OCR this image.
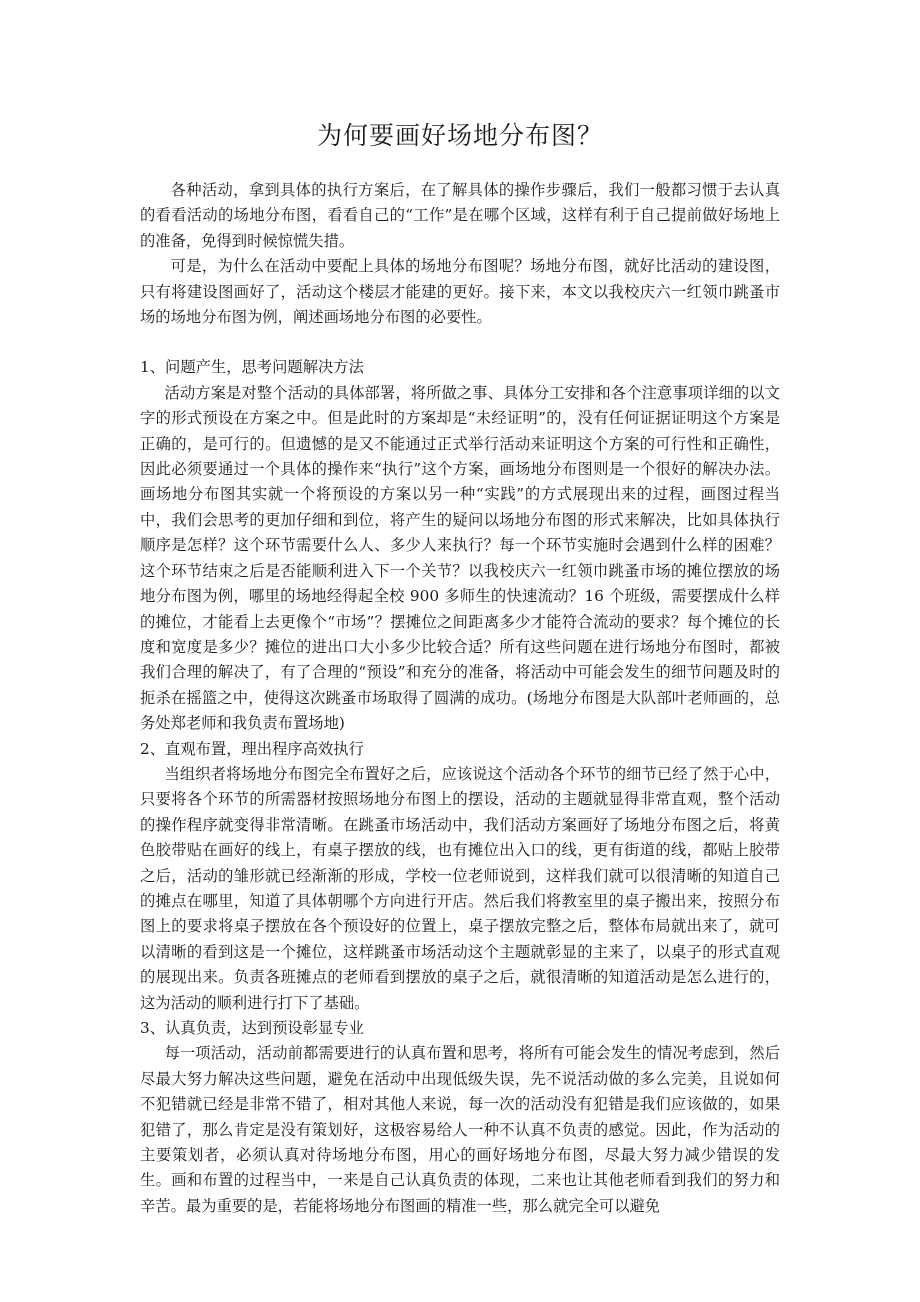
为何要画好场地分布图？

各种活动，拿到具体的执行方案后，在了解具体的操作步骤后，我们一般都习惯于去认真的看看活动的场地分布图，看看自己的“工作”是在哪个区域，这样有利于自己提前做好场地上的准备，免得到时候惊慌失措。

可是，为什么在活动中要配上具体的场地分布图呢？场地分布图，就好比活动的建设图，只有将建设图画好了，活动这个楼层才能建的更好。接下来，本文以我校庆六一红领巾跳蚤市场的场地分布图为例，阐述画场地分布图的必要性。

1、问题产生，思考问题解决方法

活动方案是对整个活动的具体部署，将所做之事、具体分工安排和各个注意事项详细的以文字的形式预设在方案之中。但是此时的方案却是“未经证明”的，没有任何证据证明这个方案是正确的，是可行的。但遗憾的是又不能通过正式举行活动来证明这个方案的可行性和正确性，因此必须要通过一个具体的操作来“执行”这个方案，画场地分布图则是一个很好的解决办法。画场地分布图其实就一个将预设的方案以另一种“实践”的方式展现出来的过程，画图过程当中，我们会思考的更加仔细和到位，将产生的疑问以场地分布图的形式来解决，比如具体执行顺序是怎样？这个环节需要什么人、多少人来执行？每一个环节实施时会遇到什么样的困难？这个环节结束之后是否能顺利进入下一个关节？以我校庆六一红领巾跳蚤市场的摊位摆放的场地分布图为例，哪里的场地经得起全校 900 多师生的快速流动？16 个班级，需要摆成什么样的摊位，才能看上去更像个“市场”？摆摊位之间距离多少才能符合流动的要求？每个摊位的长度和宽度是多少？摊位的进出口大小多少比较合适？所有这些问题在进行场地分布图时，都被我们合理的解决了，有了合理的“预设”和充分的准备，将活动中可能会发生的细节问题及时的扼杀在摇篮之中，使得这次跳蚤市场取得了圆满的成功。(场地分布图是大队部叶老师画的，总务处郑老师和我负责布置场地)

2、直观布置，理出程序高效执行

当组织者将场地分布图完全布置好之后，应该说这个活动各个环节的细节已经了然于心中，只要将各个环节的所需器材按照场地分布图上的摆设，活动的主题就显得非常直观，整个活动的操作程序就变得非常清晰。在跳蚤市场活动中，我们活动方案画好了场地分布图之后，将黄色胶带贴在画好的线上，有桌子摆放的线，也有摊位出入口的线，更有街道的线，都贴上胶带之后，活动的雏形就已经渐渐的形成，学校一位老师说到，这样我们就可以很清晰的知道自己的摊点在哪里，知道了具体朝哪个方向进行开店。然后我们将教室里的桌子搬出来，按照分布图上的要求将桌子摆放在各个预设好的位置上，桌子摆放完整之后，整体布局就出来了，就可以清晰的看到这是一个摊位，这样跳蚤市场活动这个主题就彰显的主来了，以桌子的形式直观的展现出来。负责各班摊点的老师看到摆放的桌子之后，就很清晰的知道活动是怎么进行的，这为活动的顺利进行打下了基础。

3、认真负责，达到预设彰显专业

每一项活动，活动前都需要进行的认真布置和思考，将所有可能会发生的情况考虑到，然后尽最大努力解决这些问题，避免在活动中出现低级失误，先不说活动做的多么完美，且说如何不犯错就已经是非常不错了，相对其他人来说，每一次的活动没有犯错是我们应该做的，如果犯错了，那么肯定是没有策划好，这极容易给人一种不认真不负责的感觉。因此，作为活动的主要策划者，必须认真对待场地分布图，用心的画好场地分布图，尽最大努力减少错误的发生。画和布置的过程当中，一来是自己认真负责的体现，二来也让其他老师看到我们的努力和辛苦。最为重要的是，若能将场地分布图画的精准一些，那么就完全可以避免
